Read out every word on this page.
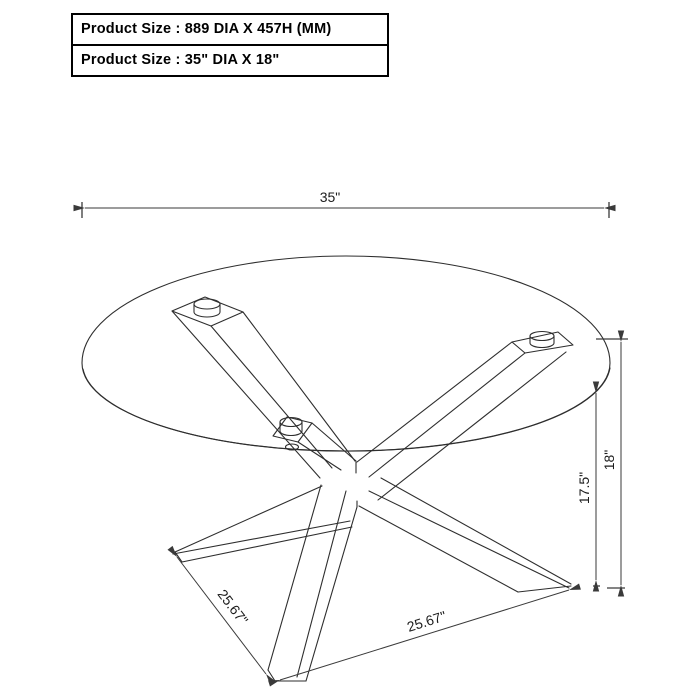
Product Size : 889 DIA X 457H (MM)
Product Size : 35" DIA X 18"
35"
18"
17.5"
25.67"	25.67"
